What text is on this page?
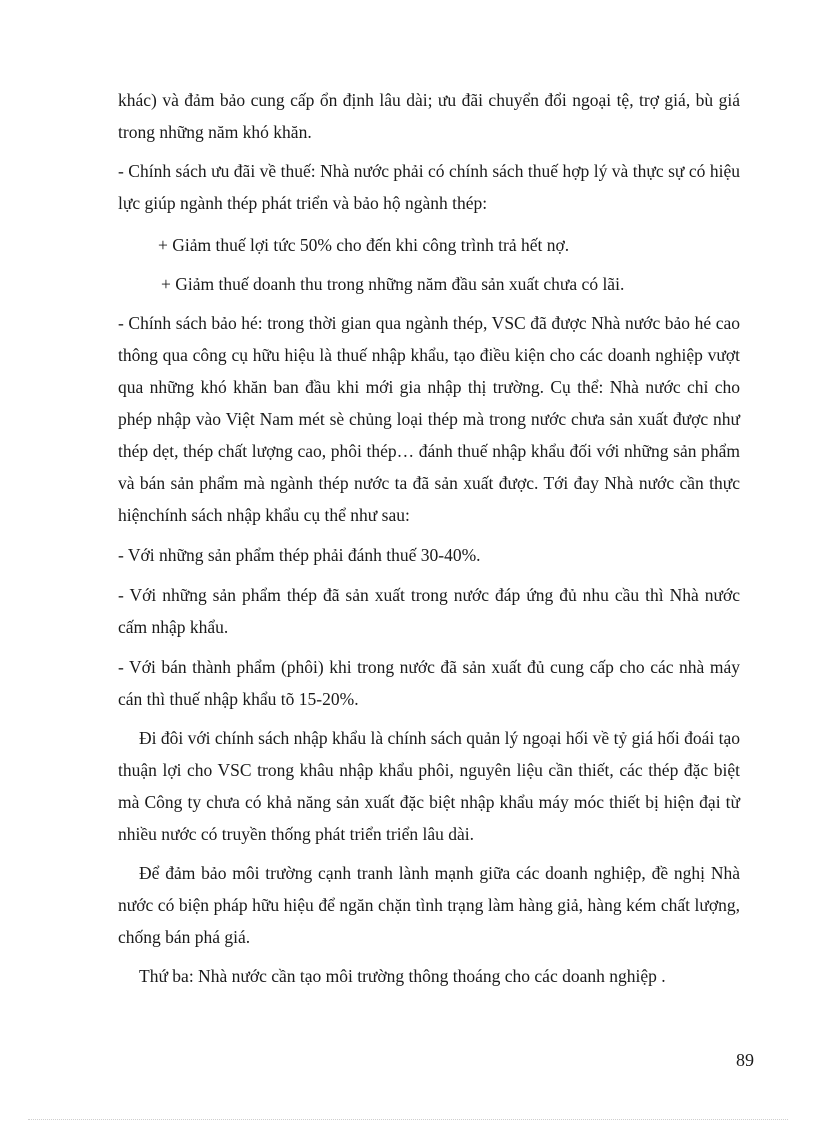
khác) và đảm bảo cung cấp ổn định lâu dài; ưu đãi chuyển đổi ngoại tệ, trợ giá, bù giá trong những năm khó khăn.

- Chính sách ưu đãi về thuế: Nhà nước phải có chính sách thuế hợp lý và thực sự có hiệu lực giúp ngành thép phát triển và bảo hộ ngành thép:

+ Giảm thuế lợi tức 50% cho đến khi công trình trả hết nợ.

+ Giảm thuế doanh thu trong những năm đầu sản xuất chưa có lãi.

- Chính sách bảo hé: trong thời gian qua ngành thép, VSC đã được Nhà nước bảo hé cao thông qua công cụ hữu hiệu là thuế nhập khẩu, tạo điều kiện cho các doanh nghiệp vượt qua những khó khăn ban đầu khi mới gia nhập thị trường. Cụ thể: Nhà nước chỉ cho phép nhập vào Việt Nam mét sè chủng loại thép mà trong nước chưa sản xuất được như thép dẹt, thép chất lượng cao, phôi thép… đánh thuế nhập khẩu đối với những sản phẩm và bán sản phẩm mà ngành thép nước ta đã sản xuất được. Tới đay Nhà nước cần thực hiệnchính sách nhập khẩu cụ thể như sau:

- Với những sản phẩm thép phải đánh thuế 30-40%.

- Với những sản phẩm thép đã sản xuất trong nước đáp ứng đủ nhu cầu thì Nhà nước cấm nhập khẩu.

- Với bán thành phẩm (phôi) khi trong nước đã sản xuất đủ cung cấp cho các nhà máy cán thì thuế nhập khẩu tõ 15-20%.

Đi đôi với chính sách nhập khẩu là chính sách quản lý ngoại hối về tỷ giá hối đoái tạo thuận lợi cho VSC trong khâu nhập khẩu phôi, nguyên liệu cần thiết, các thép đặc biệt mà Công ty chưa có khả năng sản xuất đặc biệt nhập khẩu máy móc thiết bị hiện đại từ nhiều nước có truyền thống phát triển triển lâu dài.

Để đảm bảo môi trường cạnh tranh lành mạnh giữa các doanh nghiệp, đề nghị Nhà nước có biện pháp hữu hiệu để ngăn chặn tình trạng làm hàng giả, hàng kém chất lượng, chống bán phá giá.

Thứ ba: Nhà nước cần tạo môi trường thông thoáng cho các doanh nghiệp .

89
